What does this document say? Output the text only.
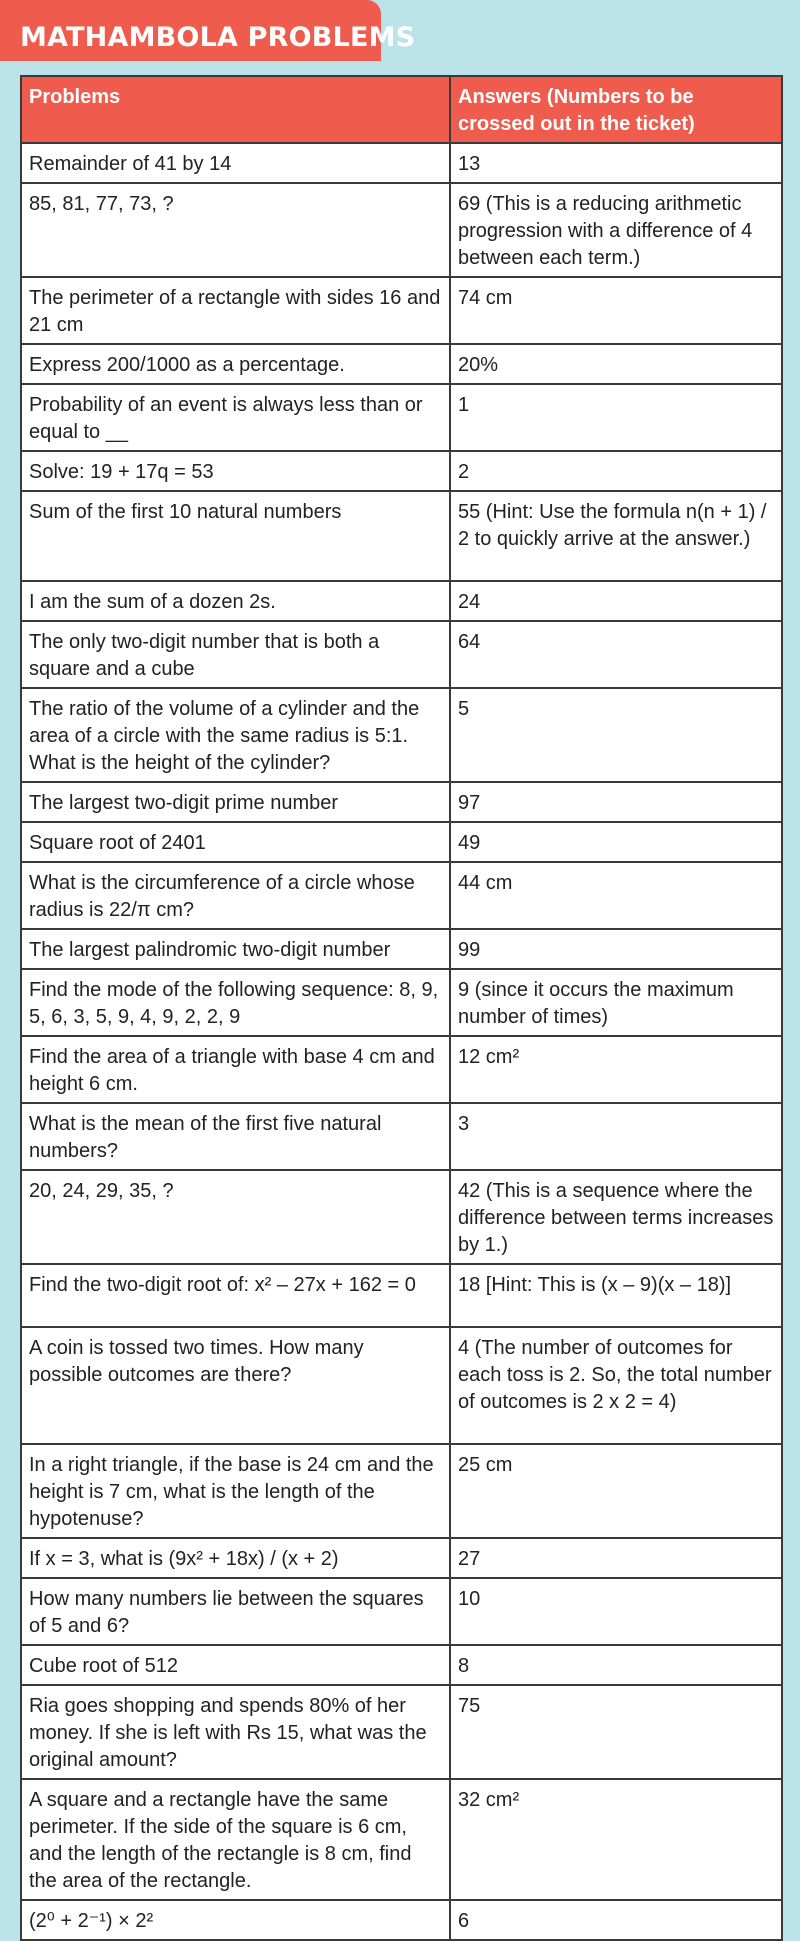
MATHAMBOLA PROBLEMS
Problems	Answers (Numbers to be crossed out in the ticket)
Remainder of 41 by 14	13
85, 81, 77, 73, ?	69 (This is a reducing arithmetic progression with a difference of 4 between each term.)
The perimeter of a rectangle with sides 16 and 21 cm	74 cm
Express 200/1000 as a percentage.	20%
Probability of an event is always less than or equal to __	1
Solve: 19 + 17q = 53	2
Sum of the first 10 natural numbers	55 (Hint: Use the formula n(n + 1) / 2 to quickly arrive at the answer.)
I am the sum of a dozen 2s.	24
The only two-digit number that is both a square and a cube	64
The ratio of the volume of a cylinder and the area of a circle with the same radius is 5:1. What is the height of the cylinder?	5
The largest two-digit prime number	97
Square root of 2401	49
What is the circumference of a circle whose radius is 22/π cm?	44 cm
The largest palindromic two-digit number	99
Find the mode of the following sequence: 8, 9, 5, 6, 3, 5, 9, 4, 9, 2, 2, 9	9 (since it occurs the maximum number of times)
Find the area of a triangle with base 4 cm and height 6 cm.	12 cm²
What is the mean of the first five natural numbers?	3
20, 24, 29, 35, ?	42 (This is a sequence where the difference between terms increases by 1.)
Find the two-digit root of: x² – 27x + 162 = 0	18 [Hint: This is (x – 9)(x – 18)]
A coin is tossed two times. How many possible outcomes are there?	4 (The number of outcomes for each toss is 2. So, the total number of outcomes is 2 x 2 = 4)
In a right triangle, if the base is 24 cm and the height is 7 cm, what is the length of the hypotenuse?	25 cm
If x = 3, what is (9x² + 18x) / (x + 2)	27
How many numbers lie between the squares of 5 and 6?	10
Cube root of 512	8
Ria goes shopping and spends 80% of her money. If she is left with Rs 15, what was the original amount?	75
A square and a rectangle have the same perimeter. If the side of the square is 6 cm, and the length of the rectangle is 8 cm, find the area of the rectangle.	32 cm²
(2⁰ + 2⁻¹) × 2²	6
